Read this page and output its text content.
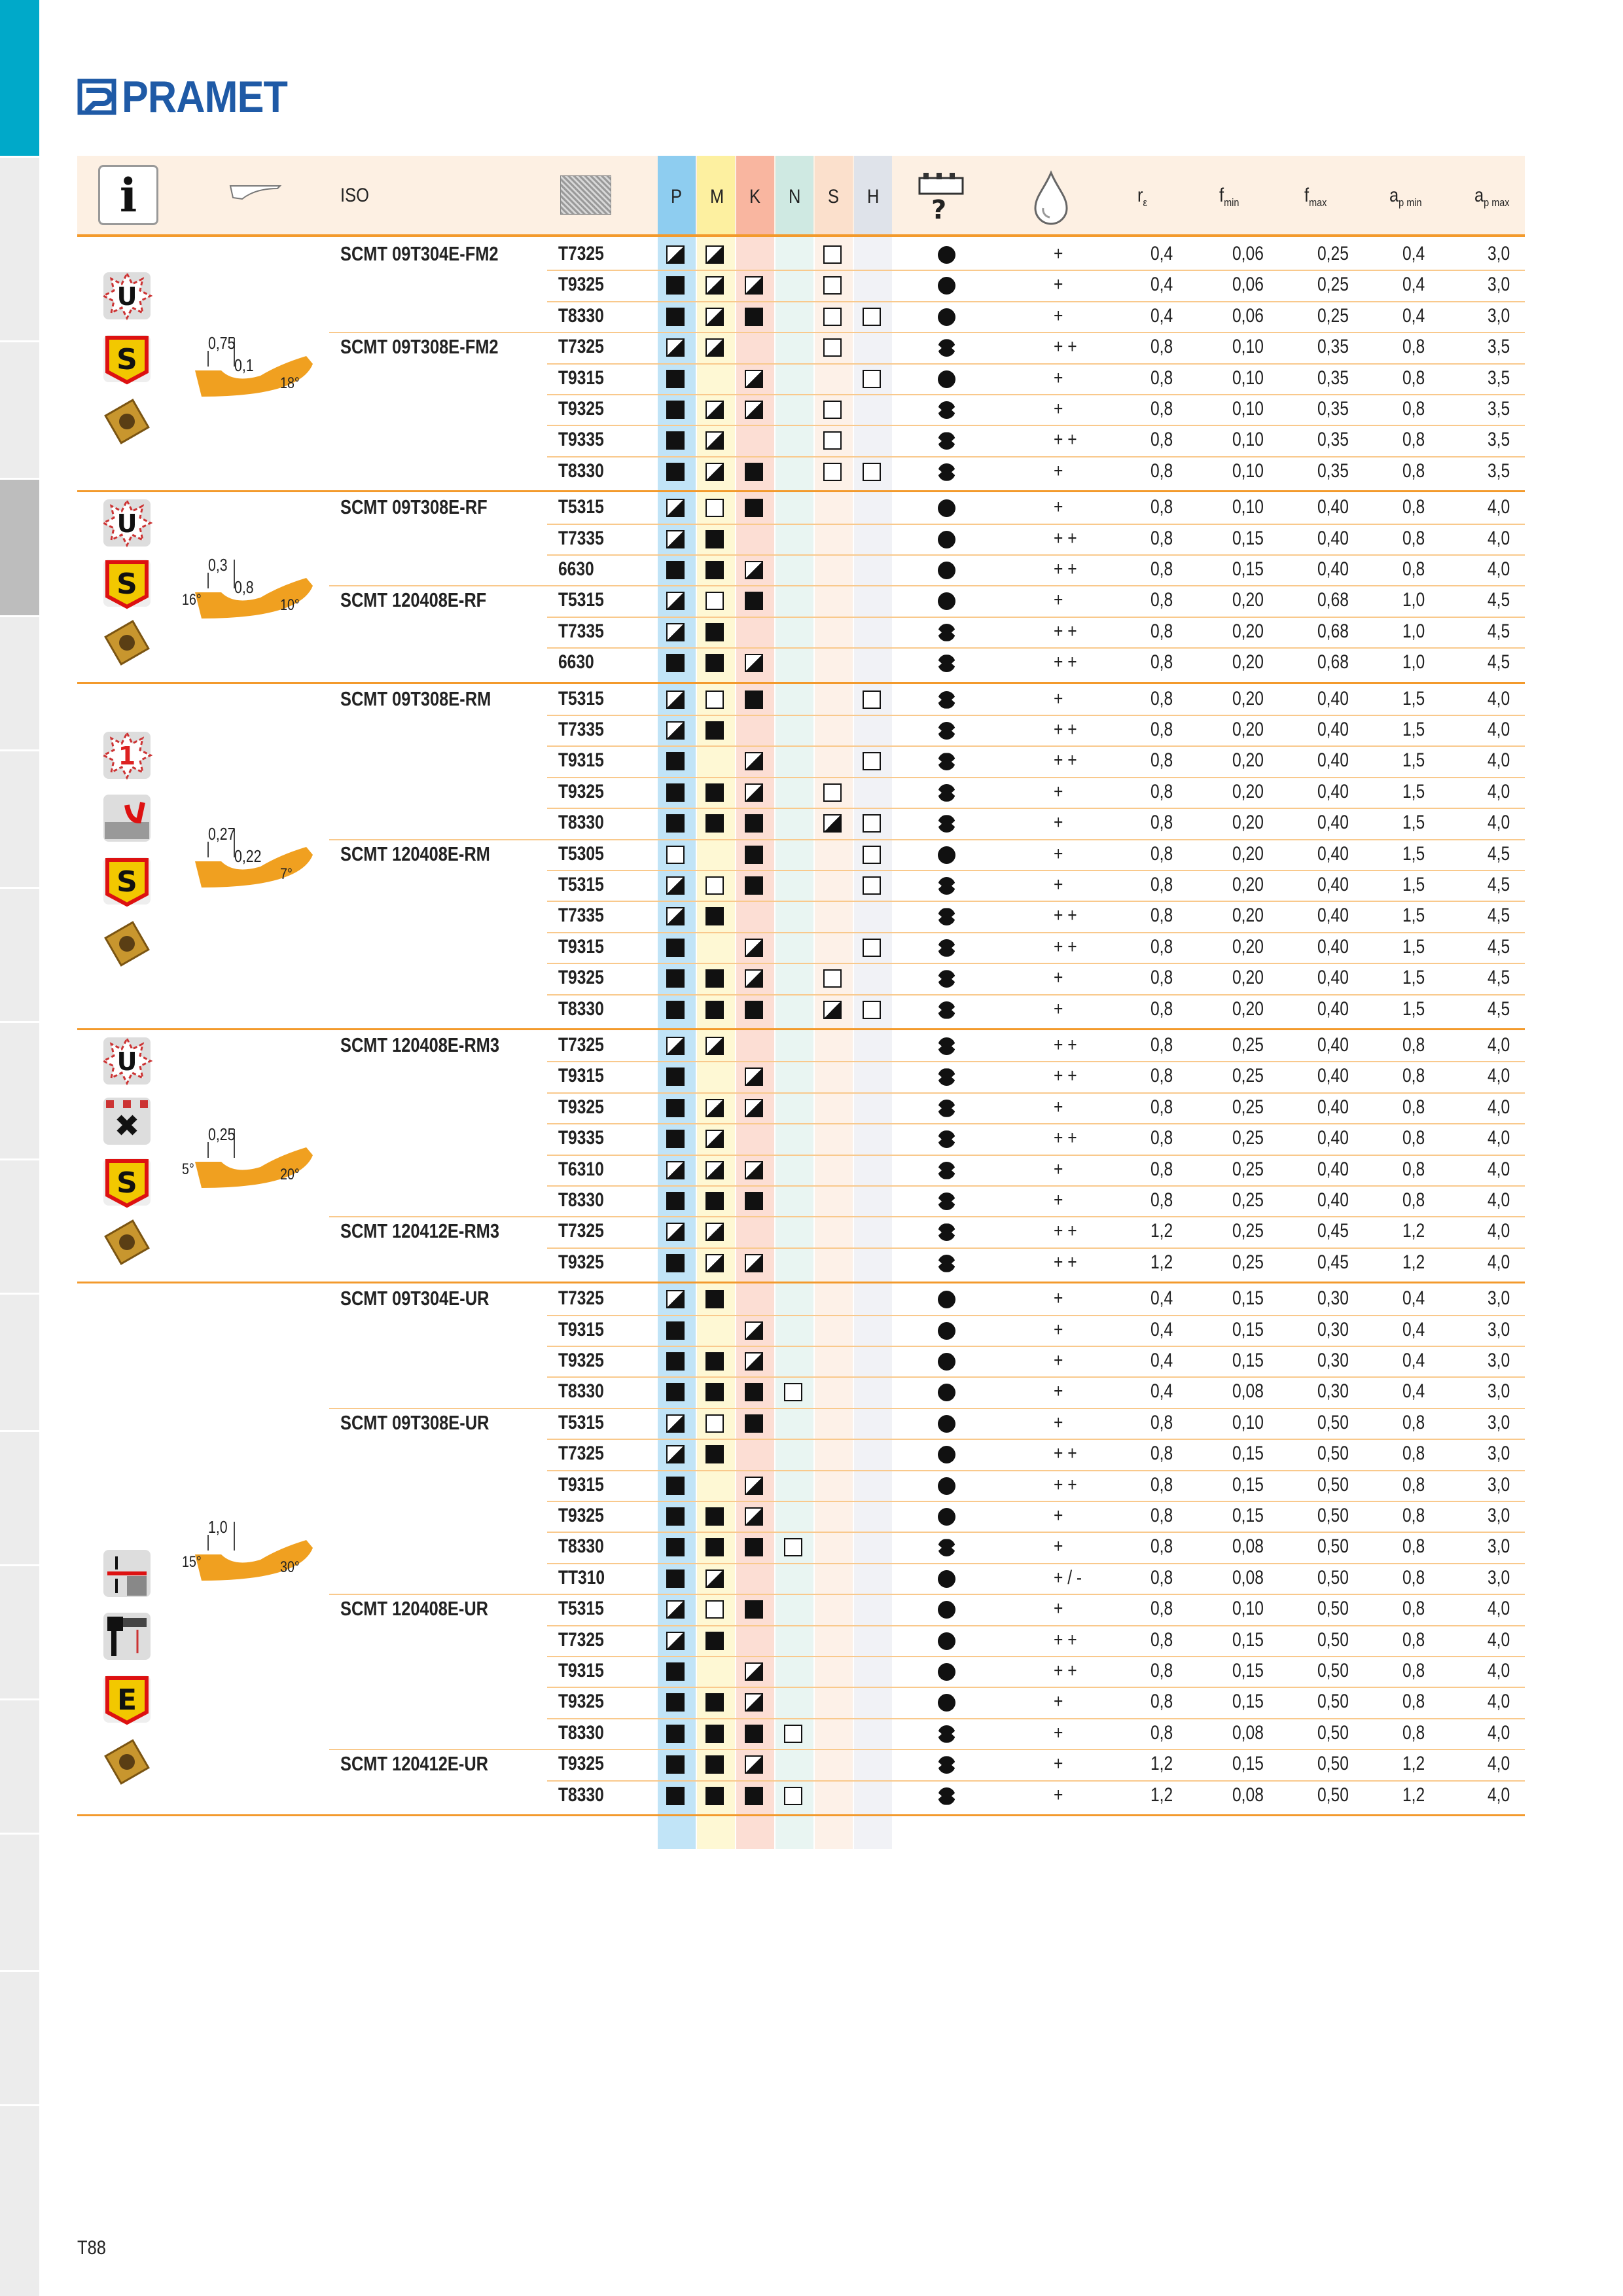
PRAMET
i	ISO	P M K N S H ?	$r_\varepsilon$	$f_{min}$	$f_{max}$	$a_{p min}$	$a_{p max}$
SCMT 09T304E-FM2	T7325	+	0,4	0,06	0,25	0,4	3,0
T9325	+	0,4	0,06	0,25	0,4	3,0
T8330	+	0,4	0,06	0,25	0,4	3,0
SCMT 09T308E-FM2	T7325	+ +	0,8	0,10	0,35	0,8	3,5
T9315	+	0,8	0,10	0,35	0,8	3,5
T9325	+	0,8	0,10	0,35	0,8	3,5
T9335	+ +	0,8	0,10	0,35	0,8	3,5
T8330	+	0,8	0,10	0,35	0,8	3,5
U
S	0,75
0,1
18°
SCMT 09T308E-RF	T5315	+	0,8	0,10	0,40	0,8	4,0
T7335	+ +	0,8	0,15	0,40	0,8	4,0
6630	+ +	0,8	0,15	0,40	0,8	4,0
SCMT 120408E-RF	T5315	+	0,8	0,20	0,68	1,0	4,5
T7335	+ +	0,8	0,20	0,68	1,0	4,5
6630	+ +	0,8	0,20	0,68	1,0	4,5
U
S
0,3
0,8
16°	10°
SCMT 09T308E-RM	T5315	+	0,8	0,20	0,40	1,5	4,0
T7335	+ +	0,8	0,20	0,40	1,5	4,0
T9315	+ +	0,8	0,20	0,40	1,5	4,0
T9325	+	0,8	0,20	0,40	1,5	4,0
T8330	+	0,8	0,20	0,40	1,5	4,0
SCMT 120408E-RM	T5305	+	0,8	0,20	0,40	1,5	4,5
T5315	+	0,8	0,20	0,40	1,5	4,5
T7335	+ +	0,8	0,20	0,40	1,5	4,5
T9315	+ +	0,8	0,20	0,40	1,5	4,5
T9325	+	0,8	0,20	0,40	1,5	4,5
T8330	+	0,8	0,20	0,40	1,5	4,5
1
S
0,27
0,22
7°
SCMT 120408E-RM3	T7325	+ +	0,8	0,25	0,40	0,8	4,0
T9315	+ +	0,8	0,25	0,40	0,8	4,0
T9325	+	0,8	0,25	0,40	0,8	4,0
T9335	+ +	0,8	0,25	0,40	0,8	4,0
T6310	+	0,8	0,25	0,40	0,8	4,0
T8330	+	0,8	0,25	0,40	0,8	4,0
SCMT 120412E-RM3	T7325	+ +	1,2	0,25	0,45	1,2	4,0
T9325	+ +	1,2	0,25	0,45	1,2	4,0
U
S
0,25
5°	20°
SCMT 09T304E-UR	T7325	+	0,4	0,15	0,30	0,4	3,0
T9315	+	0,4	0,15	0,30	0,4	3,0
T9325	+	0,4	0,15	0,30	0,4	3,0
T8330	+	0,4	0,08	0,30	0,4	3,0
SCMT 09T308E-UR	T5315	+	0,8	0,10	0,50	0,8	3,0
T7325	+ +	0,8	0,15	0,50	0,8	3,0
T9315	+ +	0,8	0,15	0,50	0,8	3,0
T9325	+	0,8	0,15	0,50	0,8	3,0
T8330	+	0,8	0,08	0,50	0,8	3,0
TT310	+ / -	0,8	0,08	0,50	0,8	3,0
SCMT 120408E-UR	T5315	+	0,8	0,10	0,50	0,8	4,0
T7325	+ +	0,8	0,15	0,50	0,8	4,0
T9315	+ +	0,8	0,15	0,50	0,8	4,0
T9325	+	0,8	0,15	0,50	0,8	4,0
T8330	+	0,8	0,08	0,50	0,8	4,0
SCMT 120412E-UR	T9325	+	1,2	0,15	0,50	1,2	4,0
T8330	+	1,2	0,08	0,50	1,2	4,0
E
1,0
15°	30°
T88
